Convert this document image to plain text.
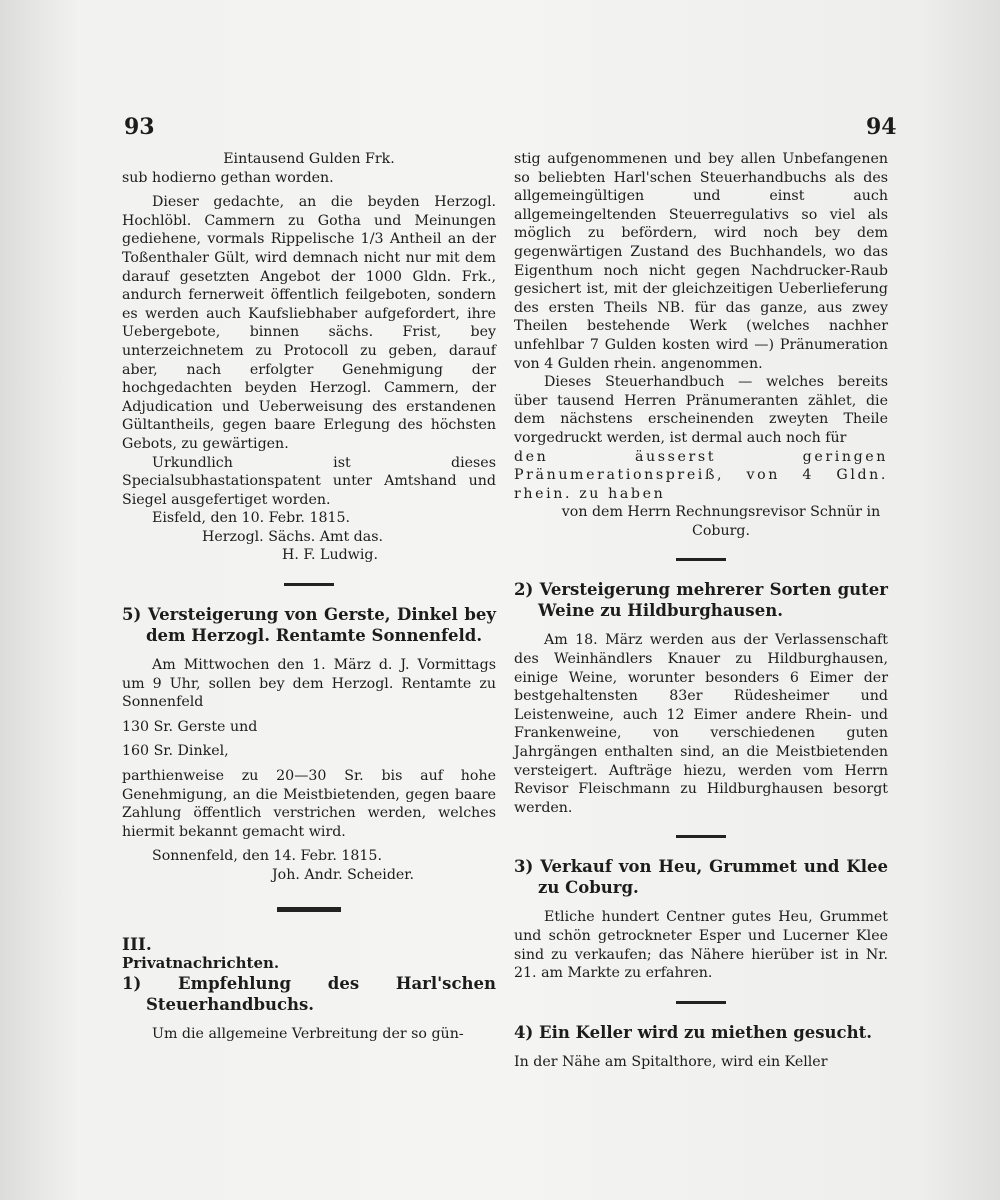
93	94

Eintausend Gulden Frk.

sub hodierno gethan worden.

Dieser gedachte, an die beyden Herzogl. Hochlöbl. Cammern zu Gotha und Meinungen gediehene, vormals Rippelische 1/3 Antheil an der Toßenthaler Gült, wird demnach nicht nur mit dem darauf gesetzten Angebot der 1000 Gldn. Frk., andurch fernerweit öffentlich feilgeboten, sondern es werden auch Kaufsliebhaber aufgefordert, ihre Uebergebote, binnen sächs. Frist, bey unterzeichnetem zu Protocoll zu geben, darauf aber, nach erfolgter Genehmigung der hochgedachten beyden Herzogl. Cammern, der Adjudication und Ueberweisung des erstandenen Gültantheils, gegen baare Erlegung des höchsten Gebots, zu gewärtigen.

Urkundlich ist dieses Specialsubhastationspatent unter Amtshand und Siegel ausgefertiget worden.

Eisfeld, den 10. Febr. 1815.

Herzogl. Sächs. Amt das.

H. F. Ludwig.

5) Versteigerung von Gerste, Dinkel bey dem Herzogl. Rentamte Sonnenfeld.

Am Mittwochen den 1. März d. J. Vormittags um 9 Uhr, sollen bey dem Herzogl. Rentamte zu Sonnenfeld

130 Sr. Gerste und

160 Sr. Dinkel,

parthienweise zu 20—30 Sr. bis auf hohe Genehmigung, an die Meistbietenden, gegen baare Zahlung öffentlich verstrichen werden, welches hiermit bekannt gemacht wird.

Sonnenfeld, den 14. Febr. 1815.

Joh. Andr. Scheider.

III.

Privatnachrichten.

1) Empfehlung des Harl'schen Steuerhandbuchs.

Um die allgemeine Verbreitung der so gün-

stig aufgenommenen und bey allen Unbefangenen so beliebten Harl'schen Steuerhandbuchs als des allgemeingültigen und einst auch allgemeingeltenden Steuerregulativs so viel als möglich zu befördern, wird noch bey dem gegenwärtigen Zustand des Buchhandels, wo das Eigenthum noch nicht gegen Nachdrucker-Raub gesichert ist, mit der gleichzeitigen Ueberlieferung des ersten Theils NB. für das ganze, aus zwey Theilen bestehende Werk (welches nachher unfehlbar 7 Gulden kosten wird —) Pränumeration von 4 Gulden rhein. angenommen.

Dieses Steuerhandbuch — welches bereits über tausend Herren Pränumeranten zählet, die dem nächstens erscheinenden zweyten Theile vorgedruckt werden, ist dermal auch noch für

den äusserst geringen Pränumerationspreiß, von 4 Gldn. rhein. zu haben

von dem Herrn Rechnungsrevisor Schnür in Coburg.

2) Versteigerung mehrerer Sorten guter Weine zu Hildburghausen.

Am 18. März werden aus der Verlassenschaft des Weinhändlers Knauer zu Hildburghausen, einige Weine, worunter besonders 6 Eimer der bestgehaltensten 83er Rüdesheimer und Leistenweine, auch 12 Eimer andere Rhein- und Frankenweine, von verschiedenen guten Jahrgängen enthalten sind, an die Meistbietenden versteigert. Aufträge hiezu, werden vom Herrn Revisor Fleischmann zu Hildburghausen besorgt werden.

3) Verkauf von Heu, Grummet und Klee zu Coburg.

Etliche hundert Centner gutes Heu, Grummet und schön getrockneter Esper und Lucerner Klee sind zu verkaufen; das Nähere hierüber ist in Nr. 21. am Markte zu erfahren.

4) Ein Keller wird zu miethen gesucht.

In der Nähe am Spitalthore, wird ein Keller
